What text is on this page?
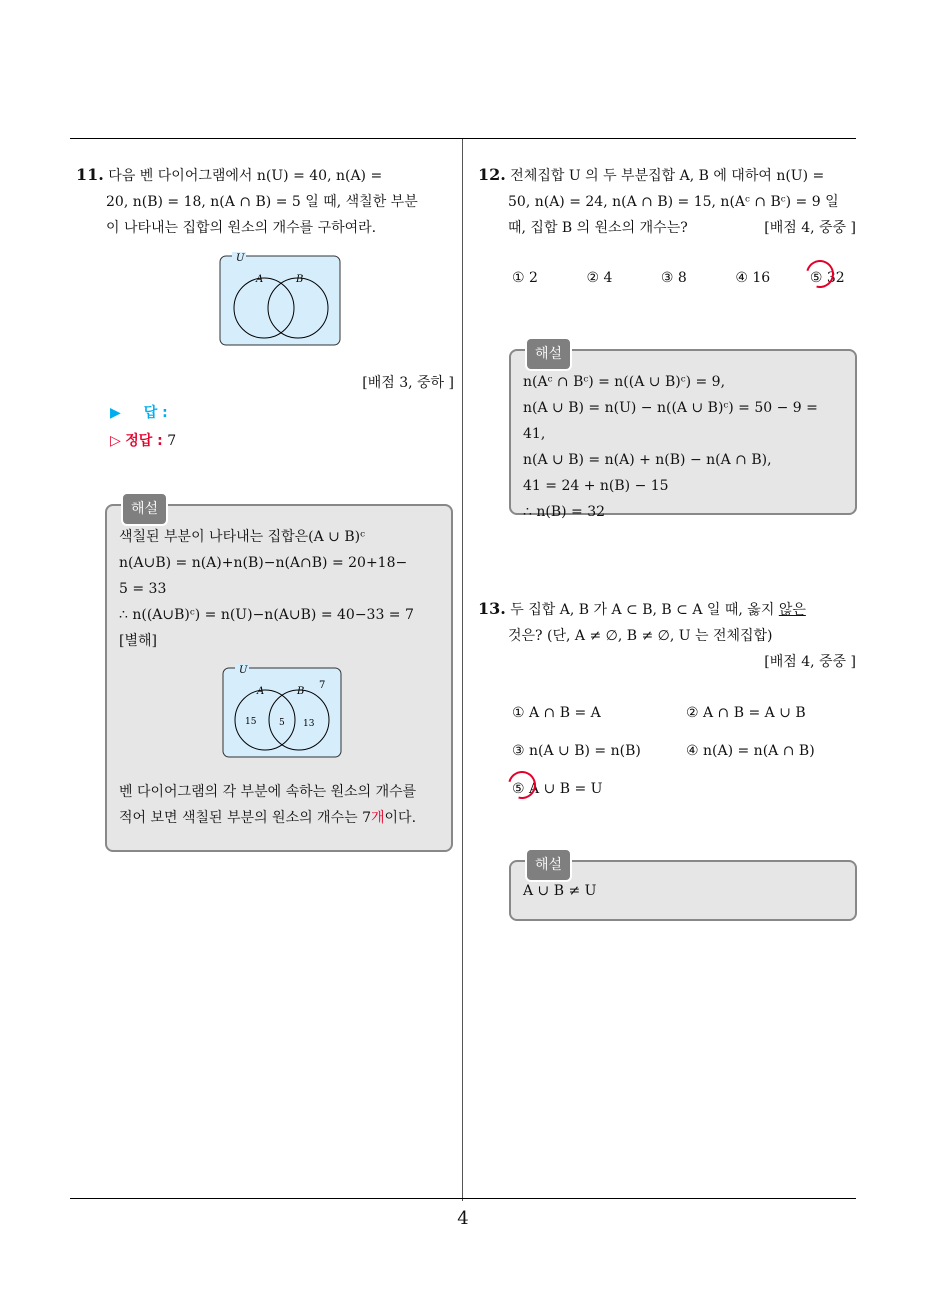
11. 다음 벤 다이어그램에서 n(U) = 40, n(A) =

20, n(B) = 18, n(A ∩ B) = 5 일 때, 색칠한 부분

이 나타내는 집합의 원소의 개수를 구하여라.

U
A	B
[배점 3, 중하 ]
▶ 답 :
▷ 정답 : 7
해설

색칠된 부분이 나타내는 집합은(A ∪ B)ᶜ

n(A∪B) = n(A)+n(B)−n(A∩B) = 20+18−

5 = 33

∴ n((A∪B)ᶜ) = n(U)−n(A∪B) = 40−33 = 7

[별해]

U
A	B
7
15	5 13

벤 다이어그램의 각 부분에 속하는 원소의 개수를

적어 보면 색칠된 부분의 원소의 개수는 7개이다.

12. 전체집합 U 의 두 부분집합 A, B 에 대하여 n(U) =

50, n(A) = 24, n(A ∩ B) = 15, n(Aᶜ ∩ Bᶜ) = 9 일

때, 집합 B 의 원소의 개수는?	[배점 4, 중중 ]

① 2	② 4	③ 8	④ 16	⑤ 32
해설

n(Aᶜ ∩ Bᶜ) = n((A ∪ B)ᶜ) = 9,

n(A ∪ B) = n(U) − n((A ∪ B)ᶜ) = 50 − 9 = 41,

n(A ∪ B) = n(A) + n(B) − n(A ∩ B),

41 = 24 + n(B) − 15

∴ n(B) = 32

13. 두 집합 A, B 가 A ⊂ B, B ⊂ A 일 때, 옳지 않은

것은? (단, A ≠ ∅, B ≠ ∅, U 는 전체집합)

[배점 4, 중중 ]

① A ∩ B = A	② A ∩ B = A ∪ B

③ n(A ∪ B) = n(B)	④ n(A) = n(A ∩ B)

⑤ A ∪ B = U

해설

A ∪ B ≠ U

4
